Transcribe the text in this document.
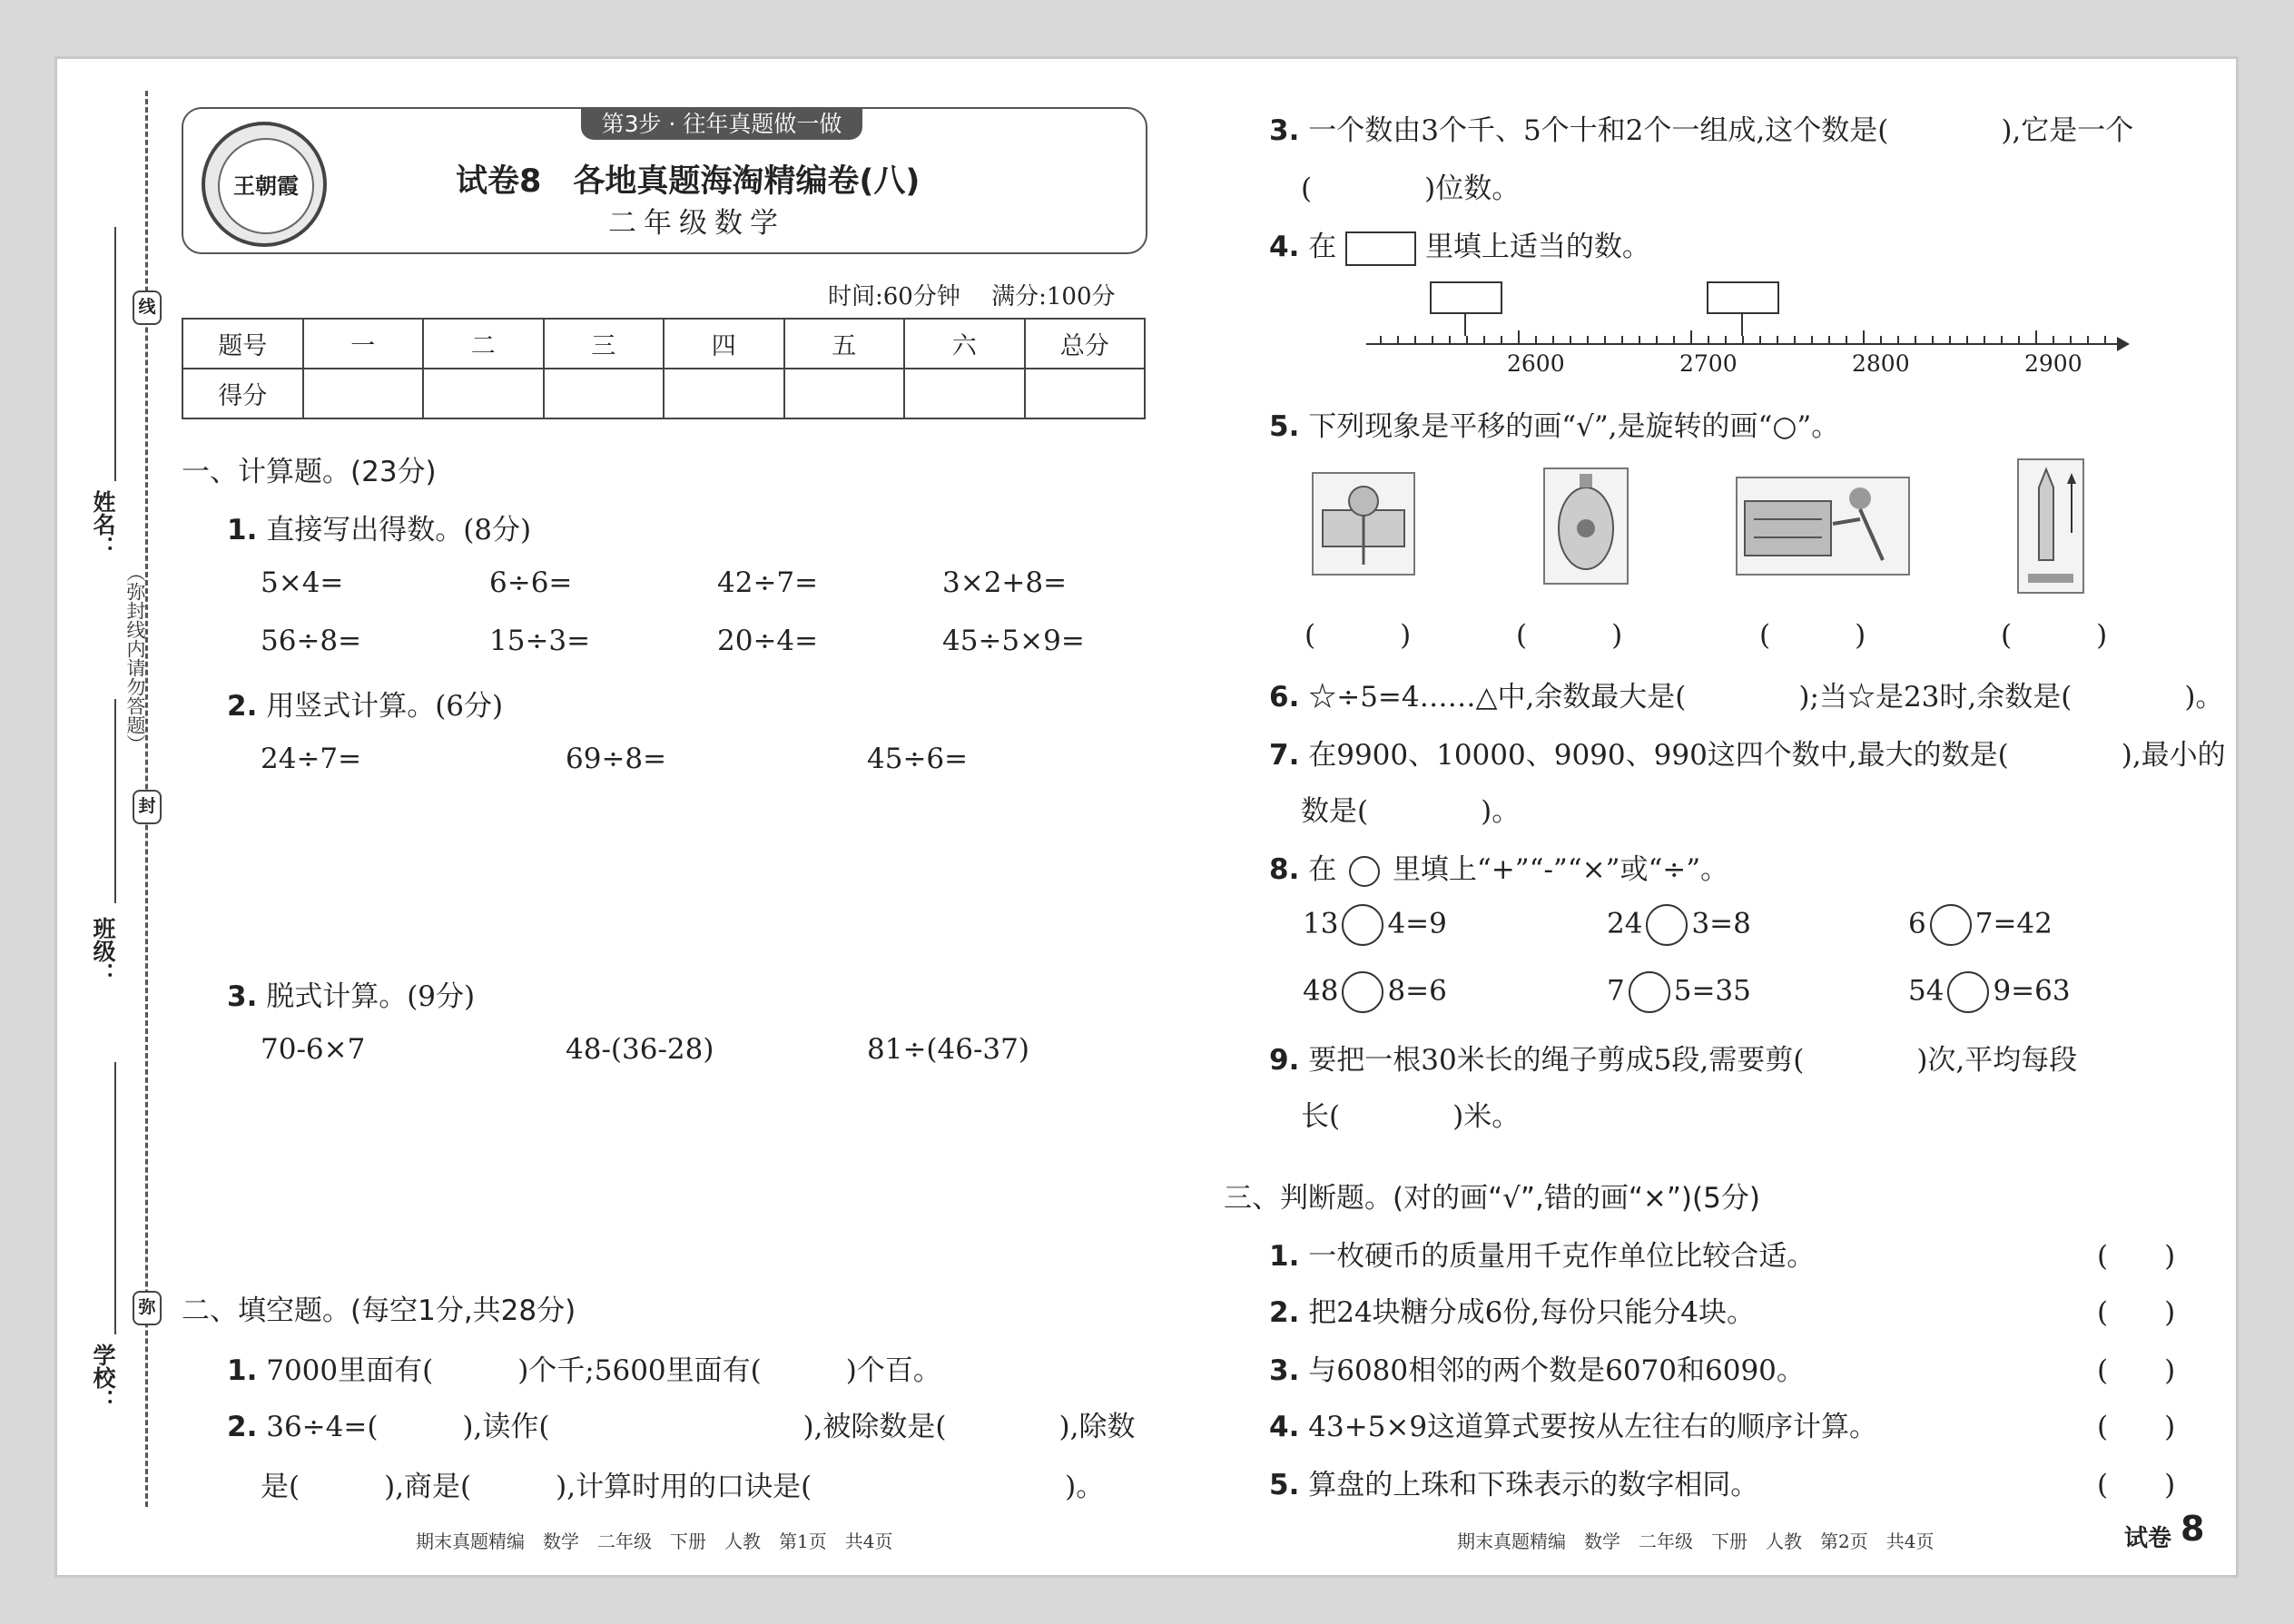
线
封
弥
（弥封线内请勿答题）
姓名：
班级：
学校：
第3步 · 往年真题做一做
王朝霞	试卷8　各地真题海淘精编卷(八)
二年级数学
时间:60分钟　 满分:100分
题号	一	二	三	四	五	六	总分
得分							
一、计算题。(23分)
1. 直接写出得数。(8分)
5×4=	6÷6=	42÷7=	3×2+8=
56÷8=	15÷3=	20÷4=	45÷5×9=
2. 用竖式计算。(6分)
24÷7=	69÷8=	45÷6=
3. 脱式计算。(9分)
70-6×7	48-(36-28)	81÷(46-37)
二、填空题。(每空1分,共28分)
1. 7000里面有(　　　)个千;5600里面有(　　　)个百。
2. 36÷4=(　　　),读作(　　　　　　　　　),被除数是(　　　　),除数
是(　　　),商是(　　　),计算时用的口诀是(　　　　　　　　　)。
期末真题精编　数学　二年级　下册　人教　第1页　共4页
3. 一个数由3个千、5个十和2个一组成,这个数是(　　　　),它是一个
(　　　　)位数。
4. 在	里填上适当的数。
2600	2700	2800	2900
5. 下列现象是平移的画“√”,是旋转的画“○”。
(　　　)	(　　　)	(　　　)	(　　　)
6. ☆÷5=4……△中,余数最大是(　　　　);当☆是23时,余数是(　　　　)。
7. 在9900、10000、9090、990这四个数中,最大的数是(　　　　),最小的
数是(　　　　)。
8. 在 里填上“+”“-”“×”或“÷”。
13 4=9	24 3=8	6 7=42
48 8=6	7 5=35	54 9=63
9. 要把一根30米长的绳子剪成5段,需要剪(　　　　)次,平均每段
长(　　　　)米。
三、判断题。(对的画“√”,错的画“×”)(5分)
1. 一枚硬币的质量用千克作单位比较合适。	(　　)
2. 把24块糖分成6份,每份只能分4块。	(　　)
3. 与6080相邻的两个数是6070和6090。	(　　)
4. 43+5×9这道算式要按从左往右的顺序计算。	(　　)
5. 算盘的上珠和下珠表示的数字相同。	(　　)
期末真题精编　数学　二年级　下册　人教　第2页　共4页	试卷 8
